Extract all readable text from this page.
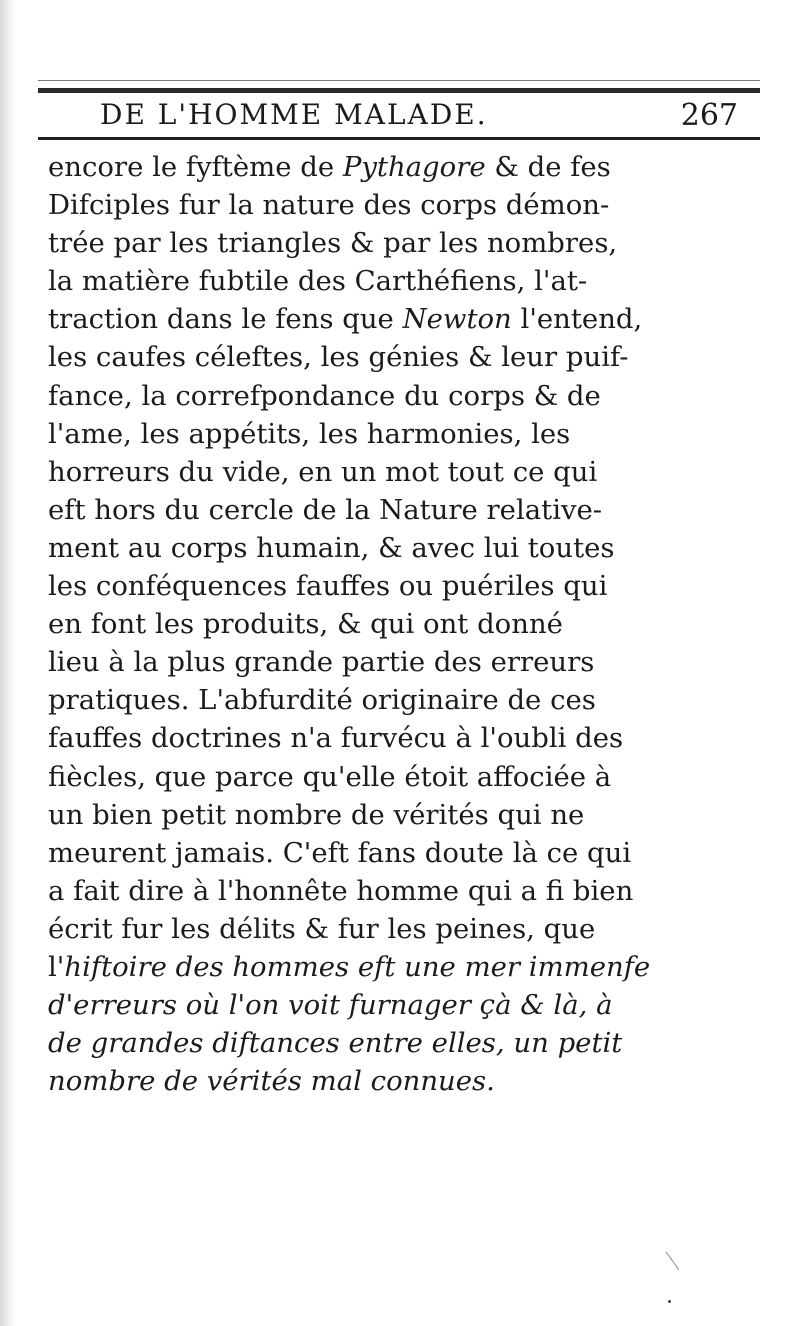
DE L'HOMME MALADE.	267
encore le fyftème de Pythagore & de fes
Difciples fur la nature des corps démon-
trée par les triangles & par les nombres,
la matière fubtile des Carthéfiens, l'at-
traction dans le fens que Newton l'entend,
les caufes céleftes, les génies & leur puif-
fance, la correfpondance du corps & de
l'ame, les appétits, les harmonies, les
horreurs du vide, en un mot tout ce qui
eft hors du cercle de la Nature relative-
ment au corps humain, & avec lui toutes
les conféquences fauffes ou puériles qui
en font les produits, & qui ont donné
lieu à la plus grande partie des erreurs
pratiques. L'abfurdité originaire de ces
fauffes doctrines n'a furvécu à l'oubli des
fiècles, que parce qu'elle étoit affociée à
un bien petit nombre de vérités qui ne
meurent jamais. C'eft fans doute là ce qui
a fait dire à l'honnête homme qui a fi bien
écrit fur les délits & fur les peines, que
l'hiftoire des hommes eft une mer immenfe
d'erreurs où l'on voit furnager çà & là, à
de grandes diftances entre elles, un petit
nombre de vérités mal connues.
